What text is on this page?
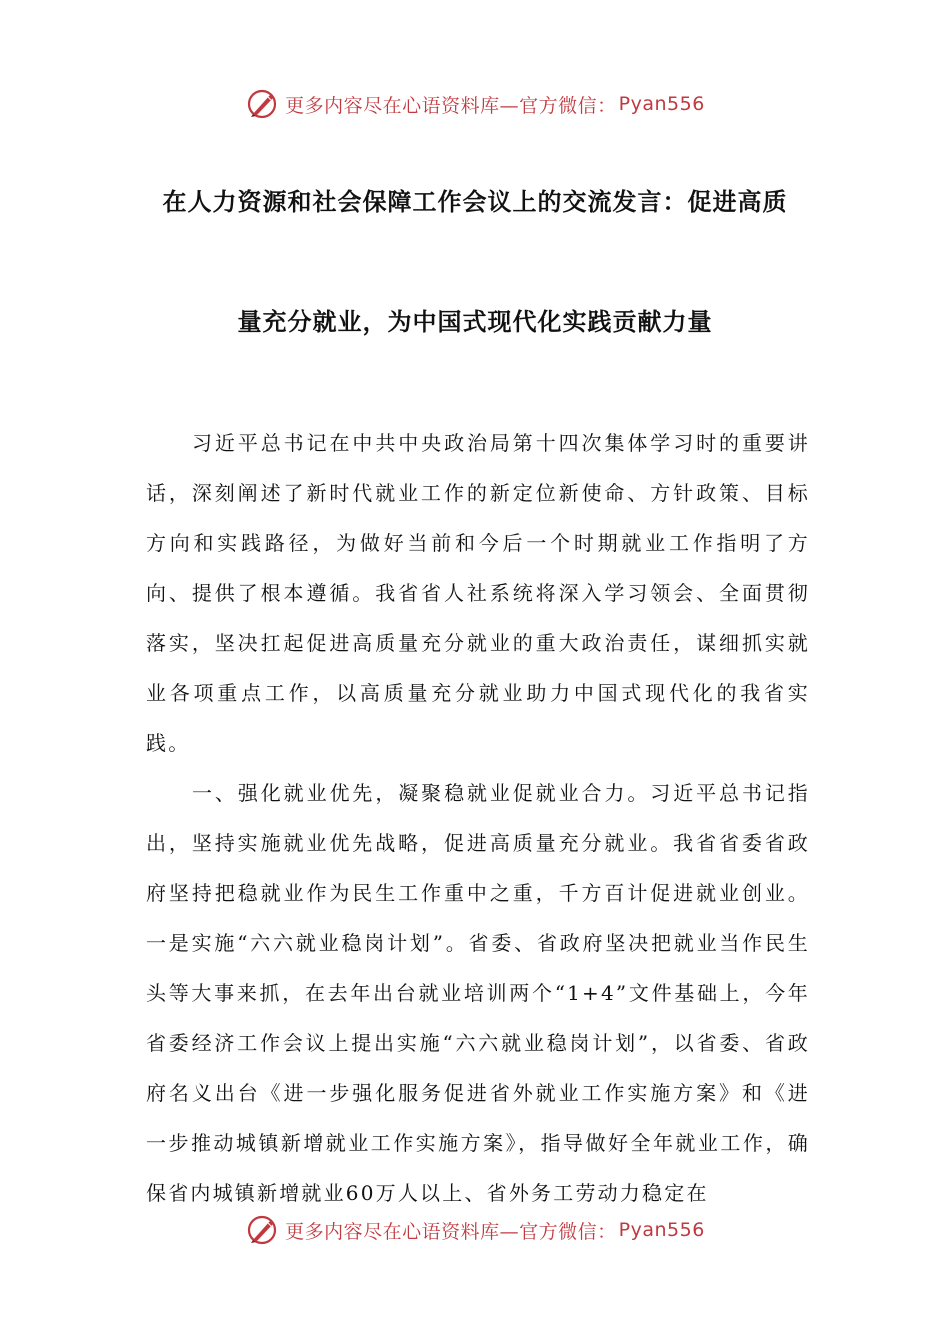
更多内容尽在心语资料库—官方微信： Pyan556
在人力资源和社会保障工作会议上的交流发言：促进高质
量充分就业，为中国式现代化实践贡献力量

习近平总书记在中共中央政治局第十四次集体学习时的重要讲话，深刻阐述了新时代就业工作的新定位新使命、方针政策、目标方向和实践路径，为做好当前和今后一个时期就业工作指明了方向、提供了根本遵循。我省省人社系统将深入学习领会、全面贯彻落实，坚决扛起促进高质量充分就业的重大政治责任，谋细抓实就业各项重点工作，以高质量充分就业助力中国式现代化的我省实践。

一、强化就业优先，凝聚稳就业促就业合力。习近平总书记指出，坚持实施就业优先战略，促进高质量充分就业。我省省委省政府坚持把稳就业作为民生工作重中之重，千方百计促进就业创业。一是实施“六六就业稳岗计划”。省委、省政府坚决把就业当作民生头等大事来抓，在去年出台就业培训两个“1+4”文件基础上，今年省委经济工作会议上提出实施“六六就业稳岗计划”，以省委、省政府名义出台《进一步强化服务促进省外就业工作实施方案》和《进一步推动城镇新增就业工作实施方案》，指导做好全年就业工作，确保省内城镇新增就业60万人以上、省外务工劳动力稳定在

更多内容尽在心语资料库—官方微信： Pyan556
